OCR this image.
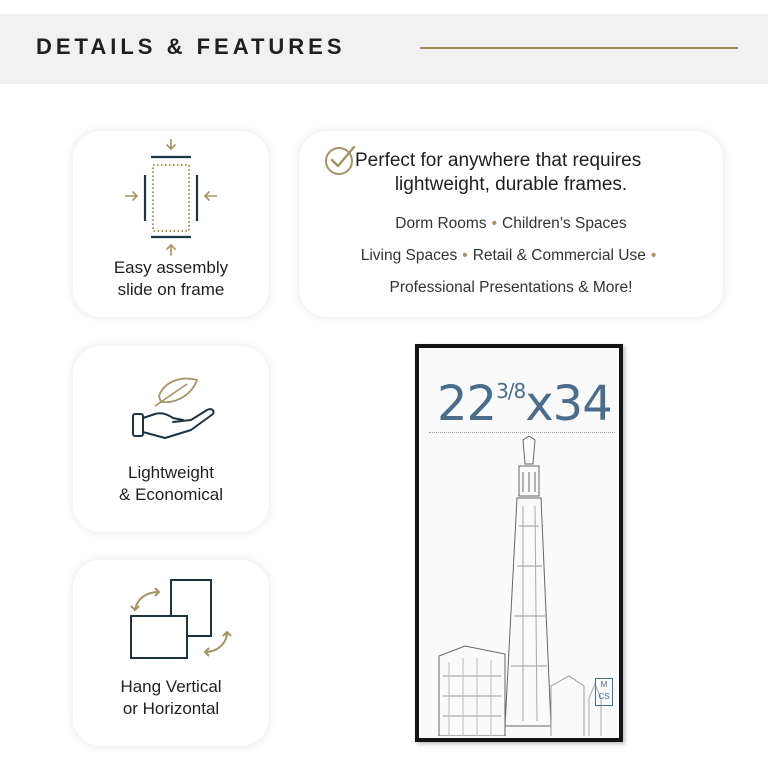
DETAILS & FEATURES
Easy assembly
slide on frame
Lightweight
& Economical
Hang Vertical
or Horizontal
Perfect for anywhere that requires
lightweight, durable frames.
Dorm Rooms • Children’s Spaces
Living Spaces • Retail & Commercial Use •
Professional Presentations & More!
$22^{3/8}x34$
M
CS
